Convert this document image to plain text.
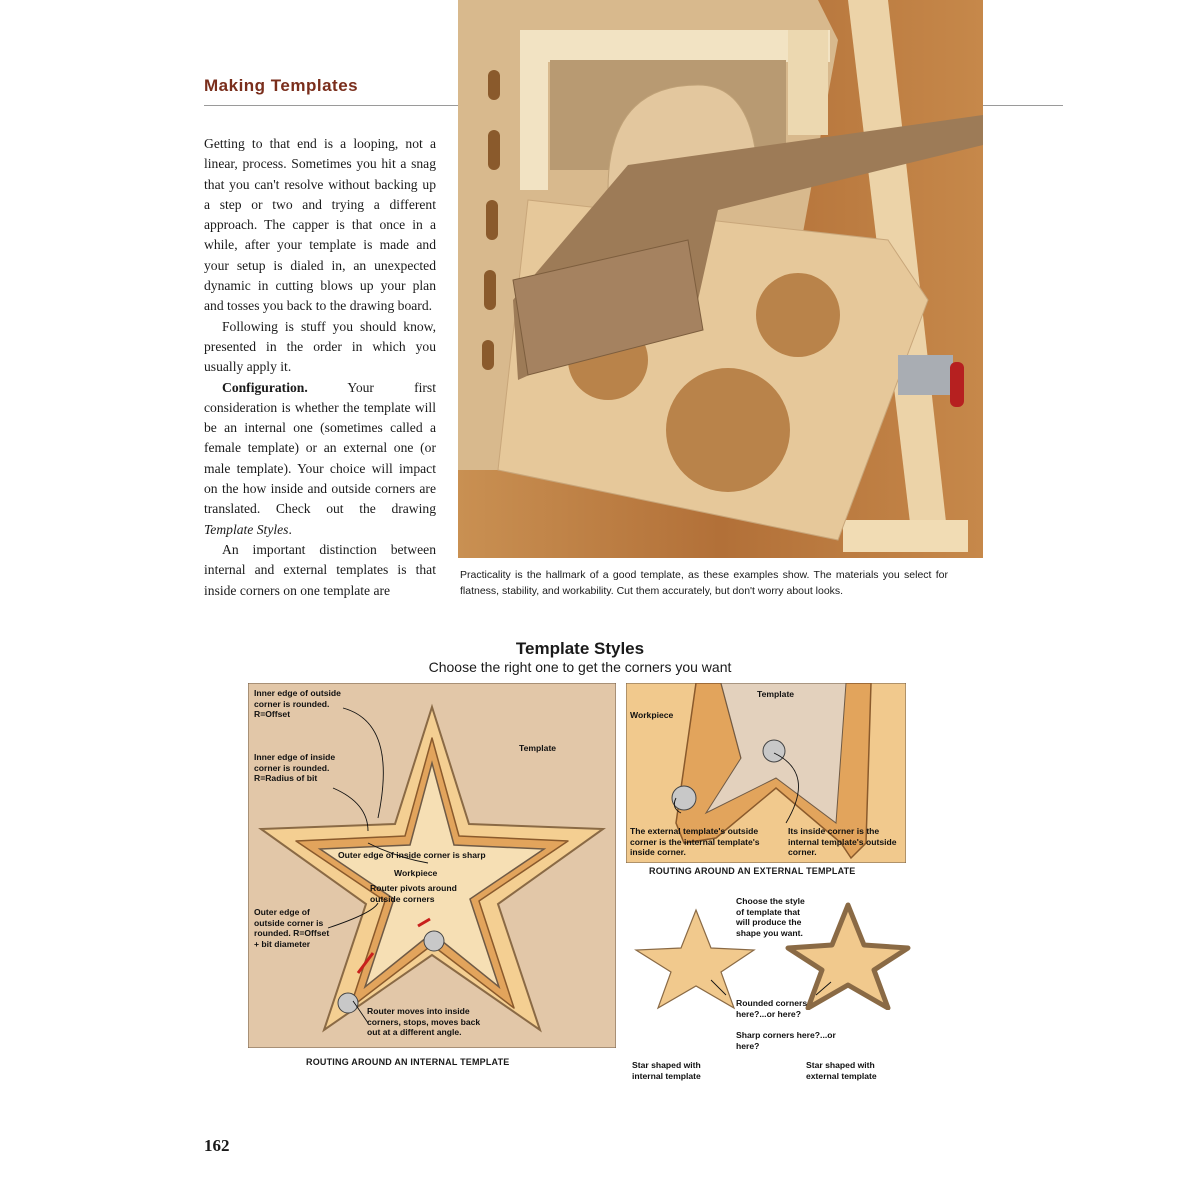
Making Templates

Getting to that end is a looping, not a linear, process. Sometimes you hit a snag that you can't resolve without backing up a step or two and trying a different approach. The capper is that once in a while, after your template is made and your setup is dialed in, an unexpected dynamic in cutting blows up your plan and tosses you back to the drawing board.

Following is stuff you should know, presented in the order in which you usually apply it.

Configuration. Your first consideration is whether the template will be an internal one (sometimes called a female template) or an external one (or male template). Your choice will impact on the how inside and outside corners are translated. Check out the drawing Template Styles.

An important distinction between internal and external templates is that inside corners on one template are

Practicality is the hallmark of a good template, as these examples show. The materials you select for flatness, stability, and workability. Cut them accurately, but don't worry about looks.

Template Styles

Choose the right one to get the corners you want

ROUTING AROUND AN INTERNAL TEMPLATE

Inner edge of outside corner is rounded. R=Offset

Inner edge of inside corner is rounded. R=Radius of bit

Template

Outer edge of inside corner is sharp

Workpiece

Router pivots around outside corners

Outer edge of outside corner is rounded. R=Offset + bit diameter

Router moves into inside corners, stops, moves back out at a different angle.

Workpiece

Template

The external template's outside corner is the internal template's inside corner.

Its inside corner is the internal template's outside corner.

ROUTING AROUND AN EXTERNAL TEMPLATE

Choose the style of template that will produce the shape you want.

Rounded corners here?...or here?

Sharp corners here?...or here?

Star shaped with internal template

Star shaped with external template

162
